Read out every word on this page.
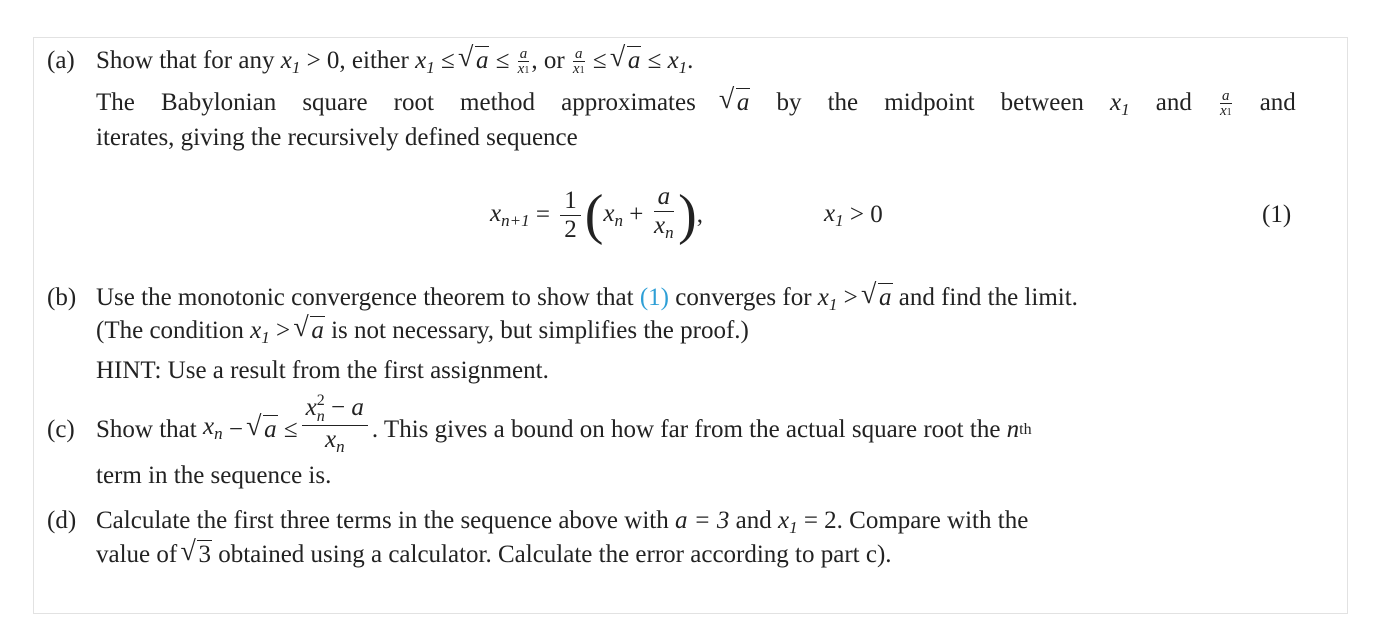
(a) Show that for any $x_1 > 0$, either $x_1$ ≤ √ $a \le \frac{a}{x1}$ , or $\frac{a}{x1}$ ≤ √ $a \le x_1$.
The Babylonian square root method approximates	√ a by the midpoint between $x_1$ and $\frac{a}{x1}$ and
iterates, giving the recursively defined sequence
$x_{n+1}$ =
1
2 ( $x_n$
+
$\frac{a}{x_n}$ ) ,	$x_1 > 0$	(1)
(b) Use the monotonic convergence theorem to show that (1) converges for $x_1$ > √ a and find the limit.
(The condition $x_1$ > √ a is not necessary, but simplifies the proof.)
HINT: Use a result from the first assignment.
(c) Show that
$x_n$ − √ a ≤
$x^2_n - a$
$x_n$
. This gives a bound on how far from the actual square root the
n th
term in the sequence is.
(d) Calculate the first three terms in the sequence above with a = 3 and $x_1 = 2$. Compare with the
value of √ 3 obtained using a calculator. Calculate the error according to part c).
